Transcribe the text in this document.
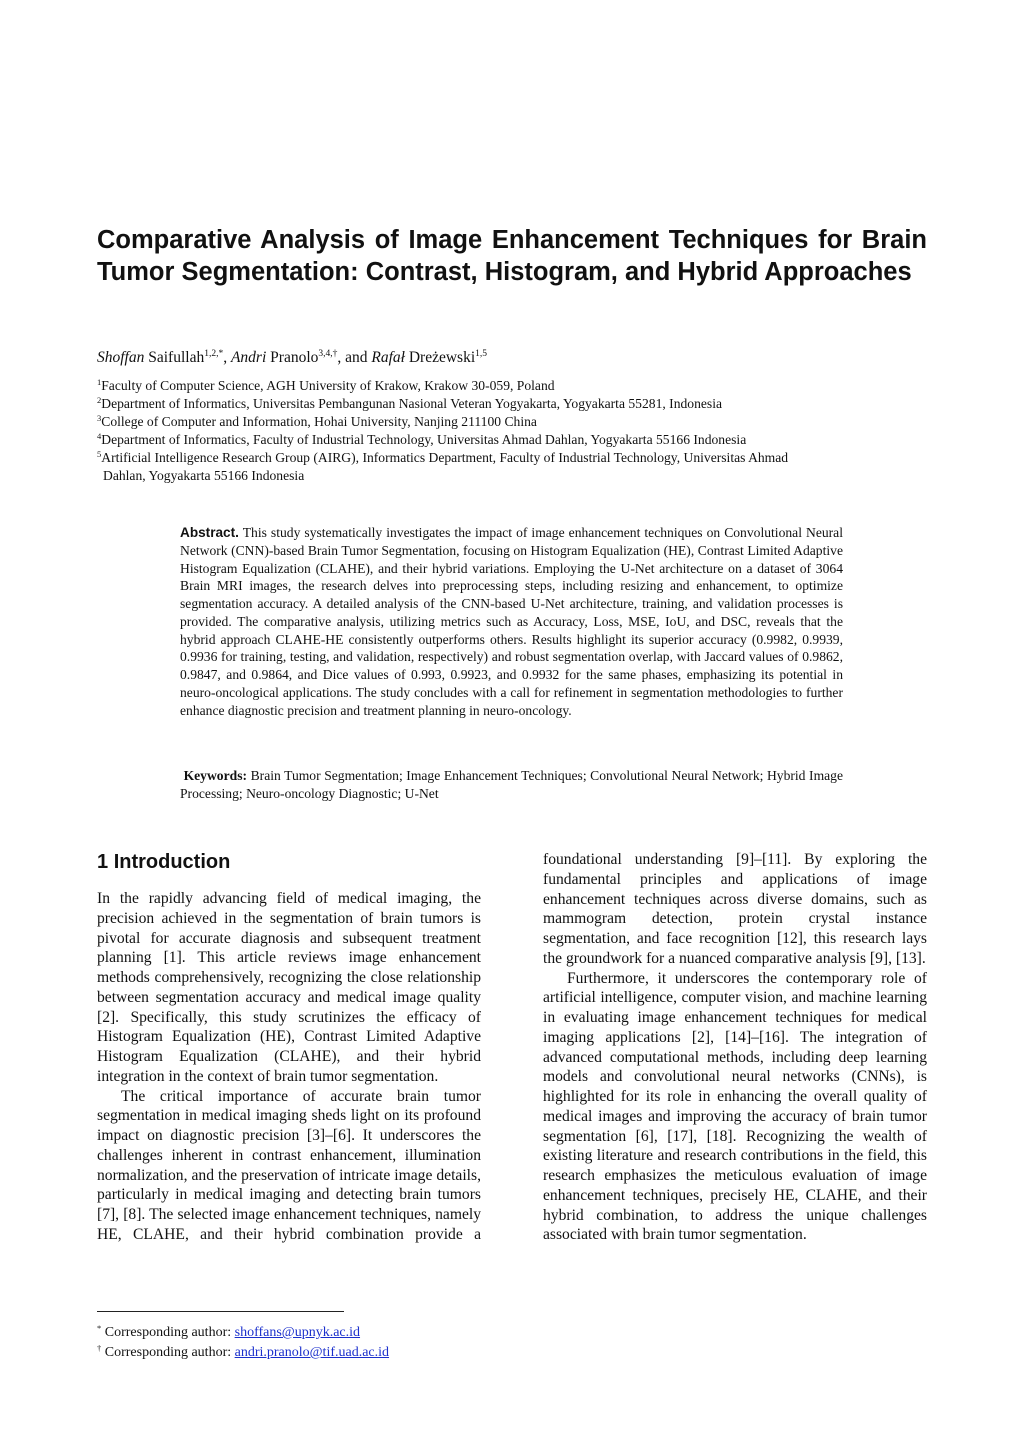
Comparative Analysis of Image Enhancement Techniques for Brain Tumor Segmentation: Contrast, Histogram, and Hybrid Approaches
Shoffan Saifullah$^{1,2,*}$, Andri Pranolo$^{3,4,\dagger}$, and Rafał Dreżewski$^{1,5}$
$^1$Faculty of Computer Science, AGH University of Krakow, Krakow 30-059, Poland
$^2$Department of Informatics, Universitas Pembangunan Nasional Veteran Yogyakarta, Yogyakarta 55281, Indonesia
$^3$College of Computer and Information, Hohai University, Nanjing 211100 China
$^4$Department of Informatics, Faculty of Industrial Technology, Universitas Ahmad Dahlan, Yogyakarta 55166 Indonesia
$^5$Artificial Intelligence Research Group (AIRG), Informatics Department, Faculty of Industrial Technology, Universitas Ahmad
Dahlan, Yogyakarta 55166 Indonesia

Abstract. This study systematically investigates the impact of image enhancement techniques on Convolutional Neural Network (CNN)-based Brain Tumor Segmentation, focusing on Histogram Equalization (HE), Contrast Limited Adaptive Histogram Equalization (CLAHE), and their hybrid variations. Employing the U-Net architecture on a dataset of 3064 Brain MRI images, the research delves into preprocessing steps, including resizing and enhancement, to optimize segmentation accuracy. A detailed analysis of the CNN-based U-Net architecture, training, and validation processes is provided. The comparative analysis, utilizing metrics such as Accuracy, Loss, MSE, IoU, and DSC, reveals that the hybrid approach CLAHE-HE consistently outperforms others. Results highlight its superior accuracy (0.9982, 0.9939, 0.9936 for training, testing, and validation, respectively) and robust segmentation overlap, with Jaccard values of 0.9862, 0.9847, and 0.9864, and Dice values of 0.993, 0.9923, and 0.9932 for the same phases, emphasizing its potential in neuro-oncological applications. The study concludes with a call for refinement in segmentation methodologies to further enhance diagnostic precision and treatment planning in neuro-oncology.

Keywords: Brain Tumor Segmentation; Image Enhancement Techniques; Convolutional Neural Network; Hybrid Image Processing; Neuro-oncology Diagnostic; U-Net

1 Introduction

In the rapidly advancing field of medical imaging, the precision achieved in the segmentation of brain tumors is pivotal for accurate diagnosis and subsequent treatment planning [1]. This article reviews image enhancement methods comprehensively, recognizing the close relationship between segmentation accuracy and medical image quality [2]. Specifically, this study scrutinizes the efficacy of Histogram Equalization (HE), Contrast Limited Adaptive Histogram Equalization (CLAHE), and their hybrid integration in the context of brain tumor segmentation.

The critical importance of accurate brain tumor segmentation in medical imaging sheds light on its profound impact on diagnostic precision [3]–[6]. It underscores the challenges inherent in contrast enhancement, illumination normalization, and the preservation of intricate image details, particularly in medical imaging and detecting brain tumors [7], [8]. The selected image enhancement techniques, namely HE, CLAHE, and their hybrid combination provide a

foundational understanding [9]–[11]. By exploring the fundamental principles and applications of image enhancement techniques across diverse domains, such as mammogram detection, protein crystal instance segmentation, and face recognition [12], this research lays the groundwork for a nuanced comparative analysis [9], [13].

Furthermore, it underscores the contemporary role of artificial intelligence, computer vision, and machine learning in evaluating image enhancement techniques for medical imaging applications [2], [14]–[16]. The integration of advanced computational methods, including deep learning models and convolutional neural networks (CNNs), is highlighted for its role in enhancing the overall quality of medical images and improving the accuracy of brain tumor segmentation [6], [17], [18]. Recognizing the wealth of existing literature and research contributions in the field, this research emphasizes the meticulous evaluation of image enhancement techniques, precisely HE, CLAHE, and their hybrid combination, to address the unique challenges associated with brain tumor segmentation.

* Corresponding author: shoffans@upnyk.ac.id
† Corresponding author: andri.pranolo@tif.uad.ac.id
